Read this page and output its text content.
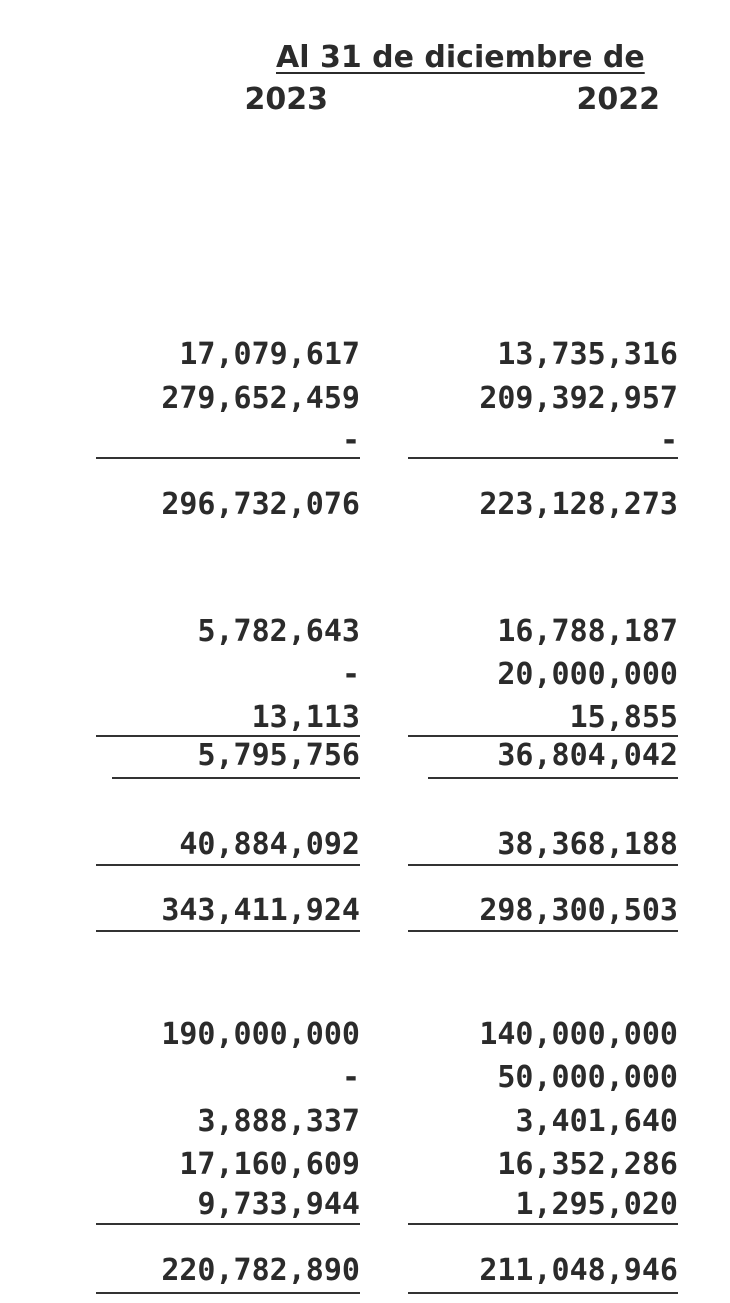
Al 31 de diciembre de
2023	2022
17,079,617	13,735,316
279,652,459	209,392,957
-	-
296,732,076	223,128,273
5,782,643	16,788,187
-	20,000,000
13,113	15,855
5,795,756	36,804,042
40,884,092	38,368,188
343,411,924	298,300,503
190,000,000	140,000,000
-	50,000,000
3,888,337	3,401,640
17,160,609	16,352,286
9,733,944	1,295,020
220,782,890	211,048,946
